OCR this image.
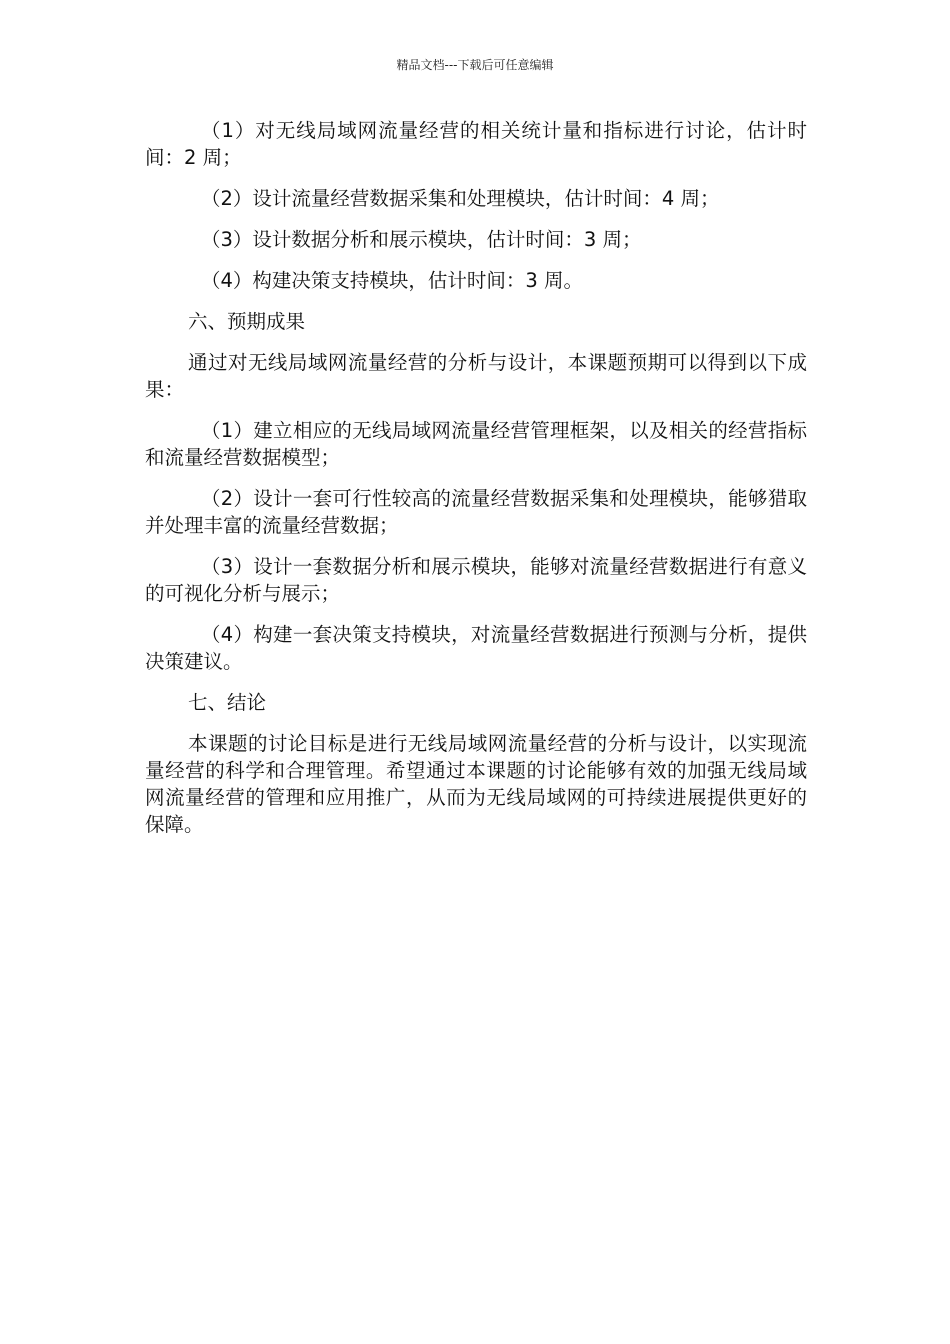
精品文档---下载后可任意编辑

（1）对无线局域网流量经营的相关统计量和指标进行讨论，估计时间：2 周；

（2）设计流量经营数据采集和处理模块，估计时间：4 周；

（3）设计数据分析和展示模块，估计时间：3 周；

（4）构建决策支持模块，估计时间：3 周。

六、预期成果

通过对无线局域网流量经营的分析与设计，本课题预期可以得到以下成果：

（1）建立相应的无线局域网流量经营管理框架，以及相关的经营指标和流量经营数据模型；

（2）设计一套可行性较高的流量经营数据采集和处理模块，能够猎取并处理丰富的流量经营数据；

（3）设计一套数据分析和展示模块，能够对流量经营数据进行有意义的可视化分析与展示；

（4）构建一套决策支持模块，对流量经营数据进行预测与分析，提供决策建议。

七、结论

本课题的讨论目标是进行无线局域网流量经营的分析与设计，以实现流量经营的科学和合理管理。希望通过本课题的讨论能够有效的加强无线局域网流量经营的管理和应用推广，从而为无线局域网的可持续进展提供更好的保障。
